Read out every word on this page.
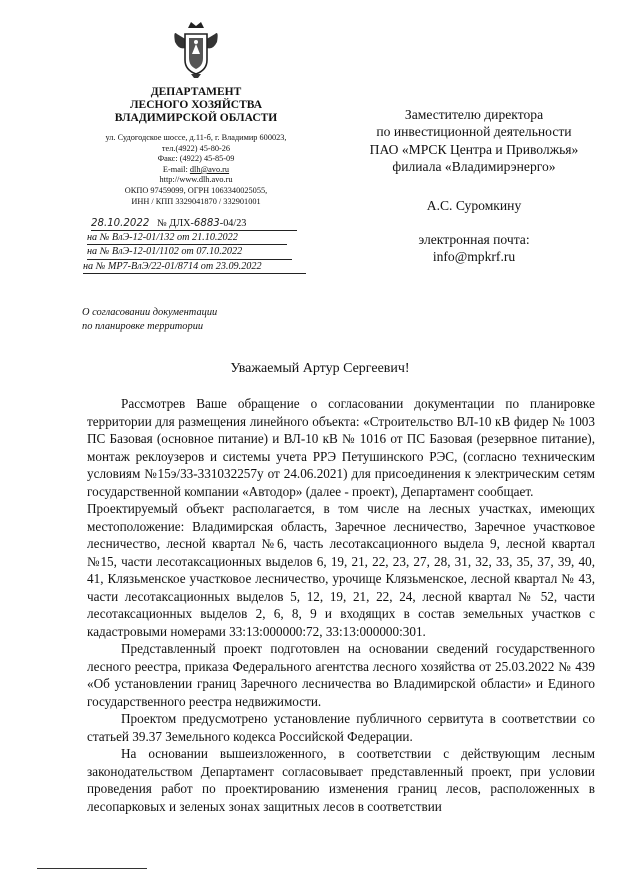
ДЕПАРТАМЕНТ
ЛЕСНОГО ХОЗЯЙСТВА
ВЛАДИМИРСКОЙ ОБЛАСТИ
ул. Судогодское шоссе, д.11-б, г. Владимир 600023,
тел.(4922) 45-80-26
Факс: (4922) 45-85-09
E-mail: dlh@avo.ru
http://www.dlh.avo.ru
ОКПО 97459099, ОГРН 1063340025055,
ИНН / КПП 3329041870 / 332901001
28.10.2022 № ДЛХ-6883-04/23
на № ВлЭ-12-01/132 от 21.10.2022
на № ВлЭ-12-01/1102 от 07.10.2022
на № МР7-ВлЭ/22-01/8714 от 23.09.2022
О согласовании документации
по планировке территории
Заместителю директора
по инвестиционной деятельности
ПАО «МРСК Центра и Приволжья»
филиала «Владимирэнерго»
А.С. Суромкину
электронная почта:
info@mpkrf.ru
Уважаемый Артур Сергеевич!

Рассмотрев Ваше обращение о согласовании документации по планировке территории для размещения линейного объекта: «Строительство ВЛ-10 кВ фидер № 1003 ПС Базовая (основное питание) и ВЛ-10 кВ № 1016 от ПС Базовая (резервное питание), монтаж реклоузеров и системы учета РРЭ Петушинского РЭС, (согласно техническим условиям №15э/33-331032257у от 24.06.2021) для присоединения к электрическим сетям государственной компании «Автодор» (далее - проект), Департамент сообщает.

Проектируемый объект располагается, в том числе на лесных участках, имеющих местоположение: Владимирская область, Заречное лесничество, Заречное участковое лесничество, лесной квартал №6, часть лесотаксационного выдела 9, лесной квартал №15, части лесотаксационных выделов 6, 19, 21, 22, 23, 27, 28, 31, 32, 33, 35, 37, 39, 40, 41, Клязьменское участковое лесничество, урочище Клязьменское, лесной квартал № 43, части лесотаксационных выделов 5, 12, 19, 21, 22, 24, лесной квартал № 52, части лесотаксационных выделов 2, 6, 8, 9 и входящих в состав земельных участков с кадастровыми номерами 33:13:000000:72, 33:13:000000:301.

Представленный проект подготовлен на основании сведений государственного лесного реестра, приказа Федерального агентства лесного хозяйства от 25.03.2022 № 439 «Об установлении границ Заречного лесничества во Владимирской области» и Единого государственного реестра недвижимости.

Проектом предусмотрено установление публичного сервитута в соответствии со статьей 39.37 Земельного кодекса Российской Федерации.

На основании вышеизложенного, в соответствии с действующим лесным законодательством Департамент согласовывает представленный проект, при условии проведения работ по проектированию изменения границ лесов, расположенных в лесопарковых и зеленых зонах защитных лесов в соответствии
